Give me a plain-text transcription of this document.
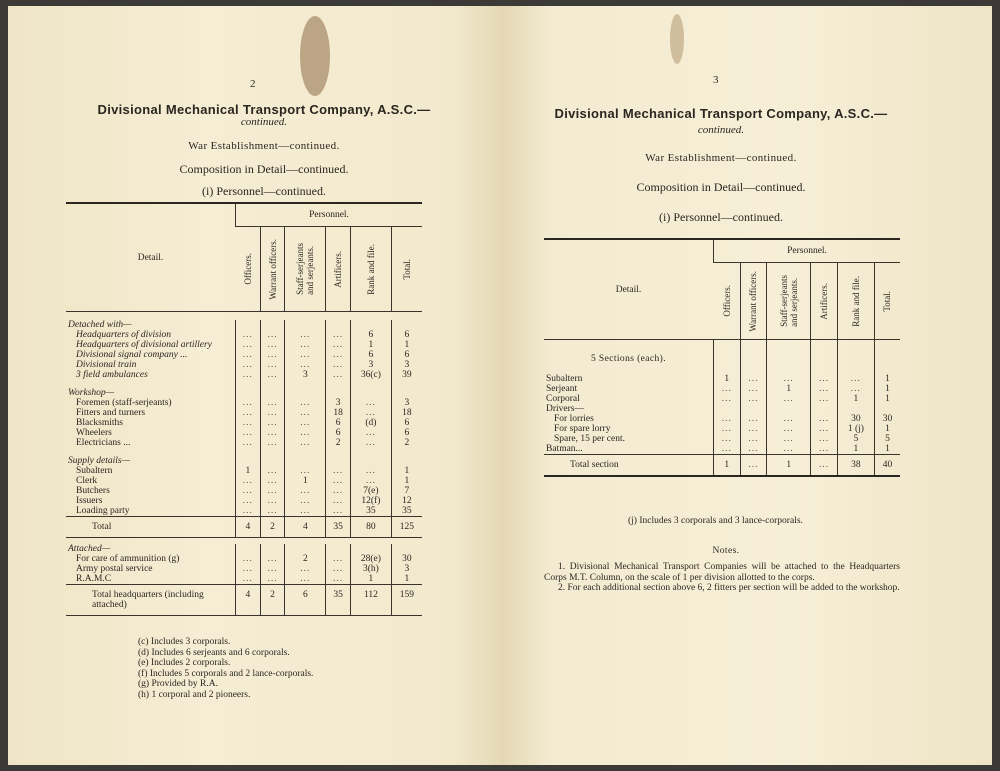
2
Divisional Mechanical Transport Company, A.S.C.—
continued.
War Establishment—continued.
Composition in Detail—continued.
(i) Personnel—continued.
Detail.	Personnel.					

	Officers.	Warrant officers.	Staff-serjeants
and serjeants.	Artificers.	Rank and file.	Total.

Detached with—						
Headquarters of division	...	...	...	...	6	6
Headquarters of divisional artillery	...	...	...	...	1	1
Divisional signal company ...	...	...	...	...	6	6
Divisional train	...	...	...	...	3	3
3 field ambulances	...	...	3	...	36(c)	39

Workshop—						
Foremen (staff-serjeants)	...	...	...	3	...	3
Fitters and turners	...	...	...	18	...	18
Blacksmiths	...	...	...	6	(d)	6
Wheelers	...	...	...	6	...	6
Electricians ...	...	...	...	2	...	2

Supply details—						
Subaltern	1	...	...	...	...	1
Clerk	...	...	1	...	...	1
Butchers	...	...	...	...	7(e)	7
Issuers	...	...	...	...	12(f)	12
Loading party	...	...	...	...	35	35
Total	4	2	4	35	80	125

Attached—						
For care of ammunition (g)	...	...	2	...	28(e)	30
Army postal service	...	...	...	...	3(h)	3
R.A.M.C	...	...	...	...	1	1
Total headquarters (including attached)	4	2	6	35	112	159
(c) Includes 3 corporals.
(d) Includes 6 serjeants and 6 corporals.
(e) Includes 2 corporals.
(f) Includes 5 corporals and 2 lance-corporals.
(g) Provided by R.A.
(h) 1 corporal and 2 pioneers.
3
Divisional Mechanical Transport Company, A.S.C.—
continued.
War Establishment—continued.
Composition in Detail—continued.
(i) Personnel—continued.
Detail.	Personnel.					

	Officers.	Warrant officers.	Staff-serjeants
and serjeants.	Artificers.	Rank and file.	Total.

5 Sections (each).						
Subaltern	1	...	...	...	...	1
Serjeant	...	...	1	...	...	1
Corporal	...	...	...	...	1	1
Drivers—						
For lorries	...	...	...	...	30	30
For spare lorry	...	...	...	...	1 (j)	1
Spare, 15 per cent.	...	...	...	...	5	5
Batman...	...	...	...	...	1	1
Total section	1	...	1	...	38	40
(j) Includes 3 corporals and 3 lance-corporals.
Notes.
1. Divisional Mechanical Transport Companies will be attached to the Headquarters Corps M.T. Column, on the scale of 1 per division allotted to the corps.
2. For each additional section above 6, 2 fitters per section will be added to the workshop.
